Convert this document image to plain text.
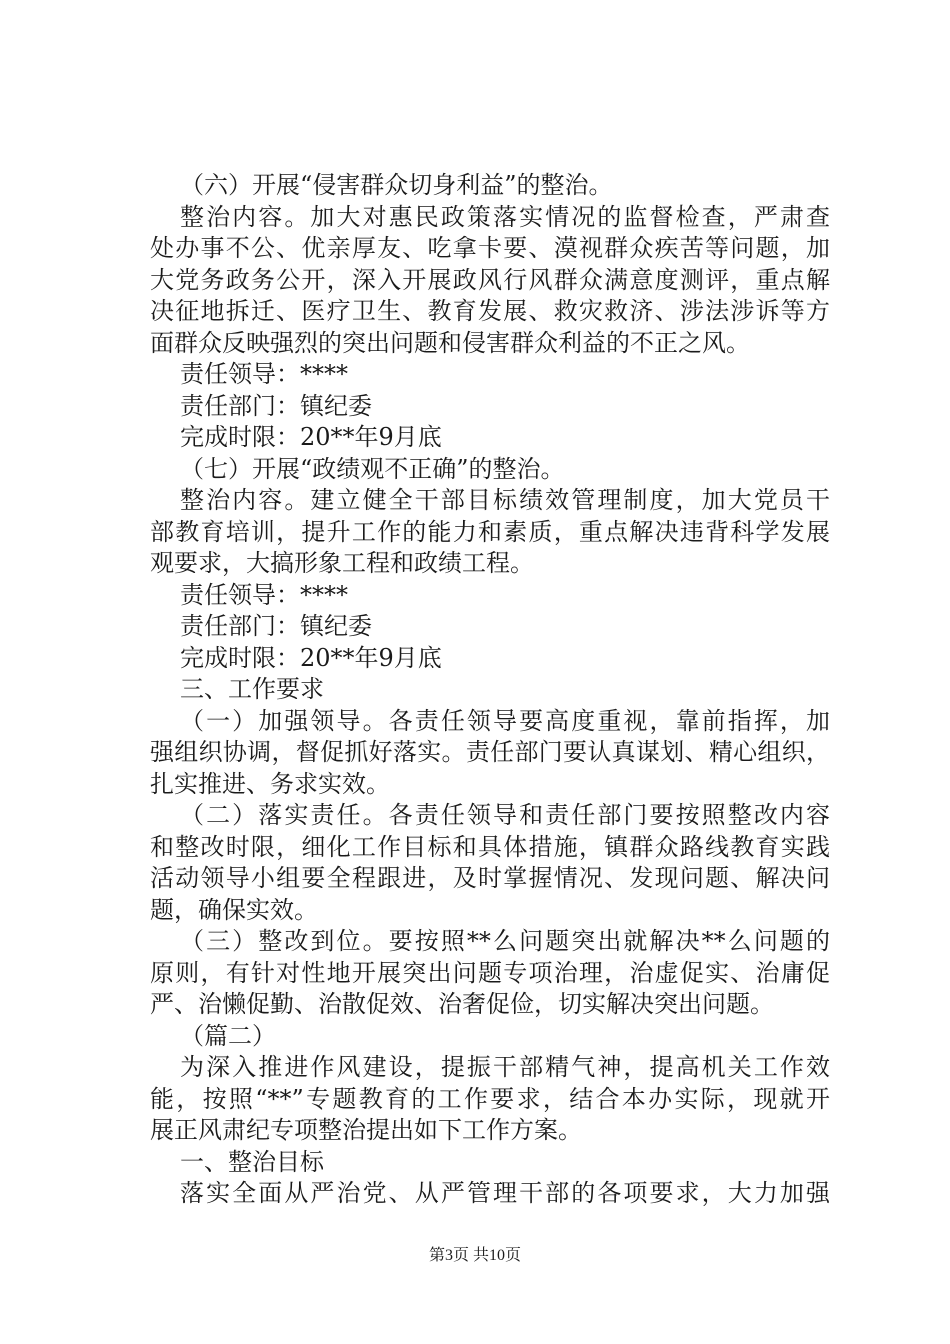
（六）开展“侵害群众切身利益”的整治。
整治内容。加大对惠民政策落实情况的监督检查，严肃查
处办事不公、优亲厚友、吃拿卡要、漠视群众疾苦等问题，加
大党务政务公开，深入开展政风行风群众满意度测评，重点解
决征地拆迁、医疗卫生、教育发展、救灾救济、涉法涉诉等方
面群众反映强烈的突出问题和侵害群众利益的不正之风。
责任领导：****
责任部门：镇纪委
完成时限：20**年9月底
（七）开展“政绩观不正确”的整治。
整治内容。建立健全干部目标绩效管理制度，加大党员干
部教育培训，提升工作的能力和素质，重点解决违背科学发展
观要求，大搞形象工程和政绩工程。
责任领导：****
责任部门：镇纪委
完成时限：20**年9月底
三、工作要求
（一）加强领导。各责任领导要高度重视，靠前指挥，加
强组织协调，督促抓好落实。责任部门要认真谋划、精心组织，
扎实推进、务求实效。
（二）落实责任。各责任领导和责任部门要按照整改内容
和整改时限，细化工作目标和具体措施，镇群众路线教育实践
活动领导小组要全程跟进，及时掌握情况、发现问题、解决问
题，确保实效。
（三）整改到位。要按照**么问题突出就解决**么问题的
原则，有针对性地开展突出问题专项治理，治虚促实、治庸促
严、治懒促勤、治散促效、治奢促俭，切实解决突出问题。
（篇二）
为深入推进作风建设，提振干部精气神，提高机关工作效
能，按照“**”专题教育的工作要求，结合本办实际，现就开
展正风肃纪专项整治提出如下工作方案。
一、整治目标
落实全面从严治党、从严管理干部的各项要求，大力加强
第3页 共10页
